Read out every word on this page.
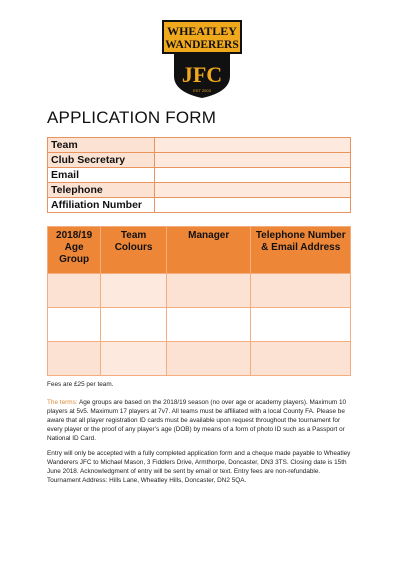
WHEATLEY
WANDERERS
JFC
EST 2003
APPLICATION FORM
Team	
Club Secretary	
Email	
Telephone	
Affiliation Number	
2018/19 Age Group	Team Colours	Manager	Telephone Number & Email Address

Fees are £25 per team.
The terms: Age groups are based on the 2018/19 season (no over age or academy players). Maximum 10 players at 5v5. Maximum 17 players at 7v7. All teams must be affiliated with a local County FA. Please be aware that all player registration ID cards must be available upon request throughout the tournament for every player or the proof of any player’s age (DOB) by means of a form of photo ID such as a Passport or National ID Card.

Entry will only be accepted with a fully completed application form and a cheque made payable to Wheatley Wanderers JFC to Michael Mason, 3 Fiddlers Drive, Armthorpe, Doncaster, DN3 3TS. Closing date is 15th June 2018. Acknowledgment of entry will be sent by email or text. Entry fees are non-refundable.

Tournament Address: Hills Lane, Wheatley Hills, Doncaster, DN2 5QA.
